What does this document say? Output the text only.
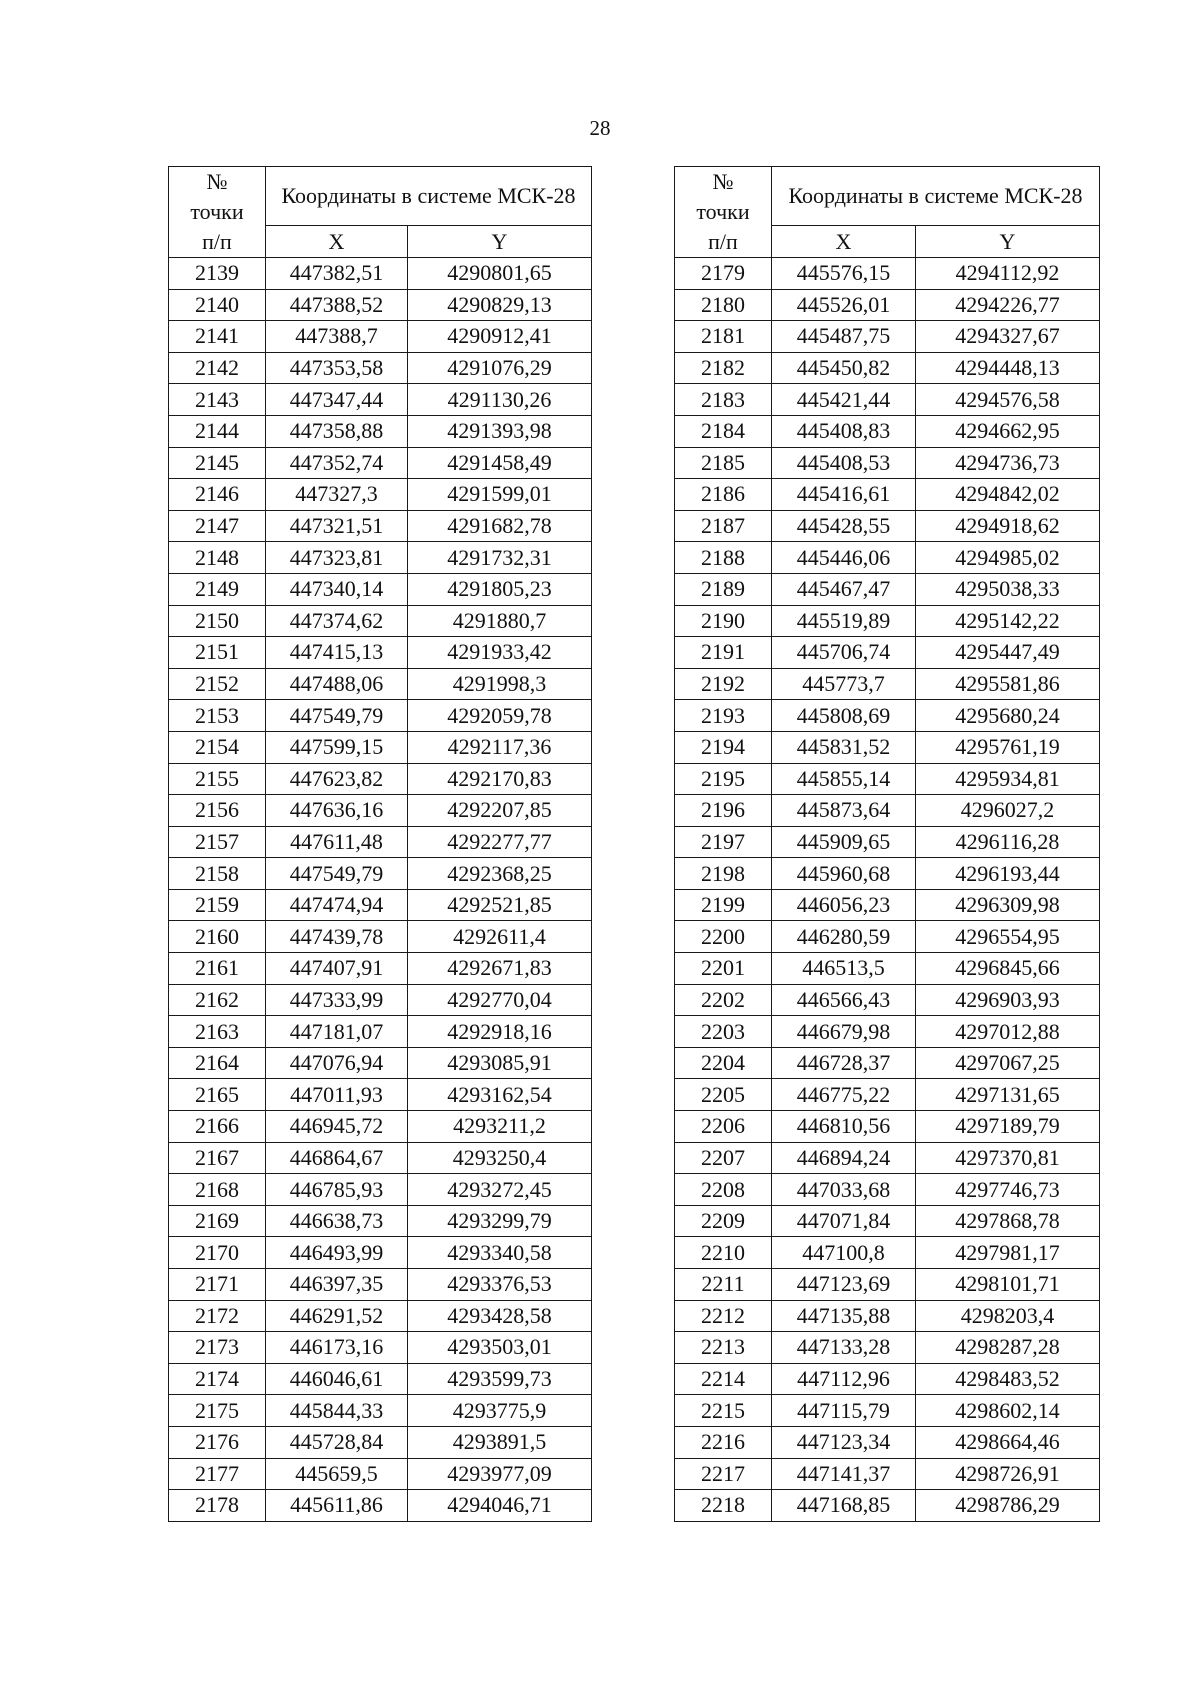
28
№
точки
п/п	Координаты в системе МСК-28	
	X	Y
2139	447382,51	4290801,65
2140	447388,52	4290829,13
2141	447388,7	4290912,41
2142	447353,58	4291076,29
2143	447347,44	4291130,26
2144	447358,88	4291393,98
2145	447352,74	4291458,49
2146	447327,3	4291599,01
2147	447321,51	4291682,78
2148	447323,81	4291732,31
2149	447340,14	4291805,23
2150	447374,62	4291880,7
2151	447415,13	4291933,42
2152	447488,06	4291998,3
2153	447549,79	4292059,78
2154	447599,15	4292117,36
2155	447623,82	4292170,83
2156	447636,16	4292207,85
2157	447611,48	4292277,77
2158	447549,79	4292368,25
2159	447474,94	4292521,85
2160	447439,78	4292611,4
2161	447407,91	4292671,83
2162	447333,99	4292770,04
2163	447181,07	4292918,16
2164	447076,94	4293085,91
2165	447011,93	4293162,54
2166	446945,72	4293211,2
2167	446864,67	4293250,4
2168	446785,93	4293272,45
2169	446638,73	4293299,79
2170	446493,99	4293340,58
2171	446397,35	4293376,53
2172	446291,52	4293428,58
2173	446173,16	4293503,01
2174	446046,61	4293599,73
2175	445844,33	4293775,9
2176	445728,84	4293891,5
2177	445659,5	4293977,09
2178	445611,86	4294046,71
№
точки
п/п	Координаты в системе МСК-28	
	X	Y
2179	445576,15	4294112,92
2180	445526,01	4294226,77
2181	445487,75	4294327,67
2182	445450,82	4294448,13
2183	445421,44	4294576,58
2184	445408,83	4294662,95
2185	445408,53	4294736,73
2186	445416,61	4294842,02
2187	445428,55	4294918,62
2188	445446,06	4294985,02
2189	445467,47	4295038,33
2190	445519,89	4295142,22
2191	445706,74	4295447,49
2192	445773,7	4295581,86
2193	445808,69	4295680,24
2194	445831,52	4295761,19
2195	445855,14	4295934,81
2196	445873,64	4296027,2
2197	445909,65	4296116,28
2198	445960,68	4296193,44
2199	446056,23	4296309,98
2200	446280,59	4296554,95
2201	446513,5	4296845,66
2202	446566,43	4296903,93
2203	446679,98	4297012,88
2204	446728,37	4297067,25
2205	446775,22	4297131,65
2206	446810,56	4297189,79
2207	446894,24	4297370,81
2208	447033,68	4297746,73
2209	447071,84	4297868,78
2210	447100,8	4297981,17
2211	447123,69	4298101,71
2212	447135,88	4298203,4
2213	447133,28	4298287,28
2214	447112,96	4298483,52
2215	447115,79	4298602,14
2216	447123,34	4298664,46
2217	447141,37	4298726,91
2218	447168,85	4298786,29
